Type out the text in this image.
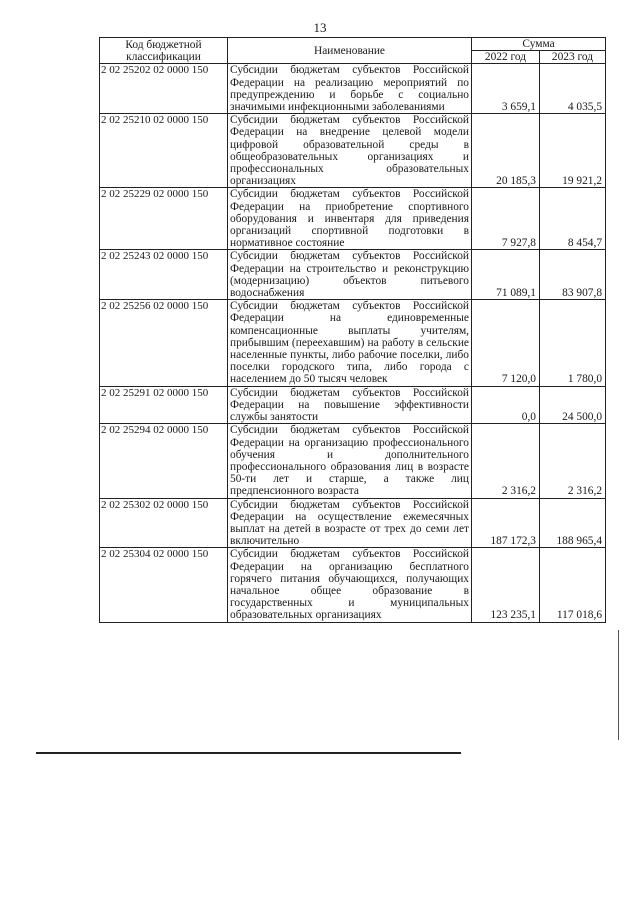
13
Код бюджетной классификации	Наименование	Сумма	
		2022 год	2023 год
2 02 25202 02 0000 150	Субсидии бюджетам субъектов Российской Федерации на реализацию мероприятий по предупреждению и борьбе с социально значимыми инфекционными заболеваниями	3 659,1	4 035,5
2 02 25210 02 0000 150	Субсидии бюджетам субъектов Российской Федерации на внедрение целевой модели цифровой образовательной среды в общеобразовательных организациях и профессиональных образовательных организациях	20 185,3	19 921,2
2 02 25229 02 0000 150	Субсидии бюджетам субъектов Российской Федерации на приобретение спортивного оборудования и инвентаря для приведения организаций спортивной подготовки в нормативное состояние	7 927,8	8 454,7
2 02 25243 02 0000 150	Субсидии бюджетам субъектов Российской Федерации на строительство и реконструкцию (модернизацию) объектов питьевого водоснабжения	71 089,1	83 907,8
2 02 25256 02 0000 150	Субсидии бюджетам субъектов Российской Федерации на единовременные компенсационные выплаты учителям, прибывшим (переехавшим) на работу в сельские населенные пункты, либо рабочие поселки, либо поселки городского типа, либо города с населением до 50 тысяч человек	7 120,0	1 780,0
2 02 25291 02 0000 150	Субсидии бюджетам субъектов Российской Федерации на повышение эффективности службы занятости	0,0	24 500,0
2 02 25294 02 0000 150	Субсидии бюджетам субъектов Российской Федерации на организацию профессионального обучения и дополнительного профессионального образования лиц в возрасте 50-ти лет и старше, а также лиц предпенсионного возраста	2 316,2	2 316,2
2 02 25302 02 0000 150	Субсидии бюджетам субъектов Российской Федерации на осуществление ежемесячных выплат на детей в возрасте от трех до семи лет включительно	187 172,3	188 965,4
2 02 25304 02 0000 150	Субсидии бюджетам субъектов Российской Федерации на организацию бесплатного горячего питания обучающихся, получающих начальное общее образование в государственных и муниципальных образовательных организациях	123 235,1	117 018,6
